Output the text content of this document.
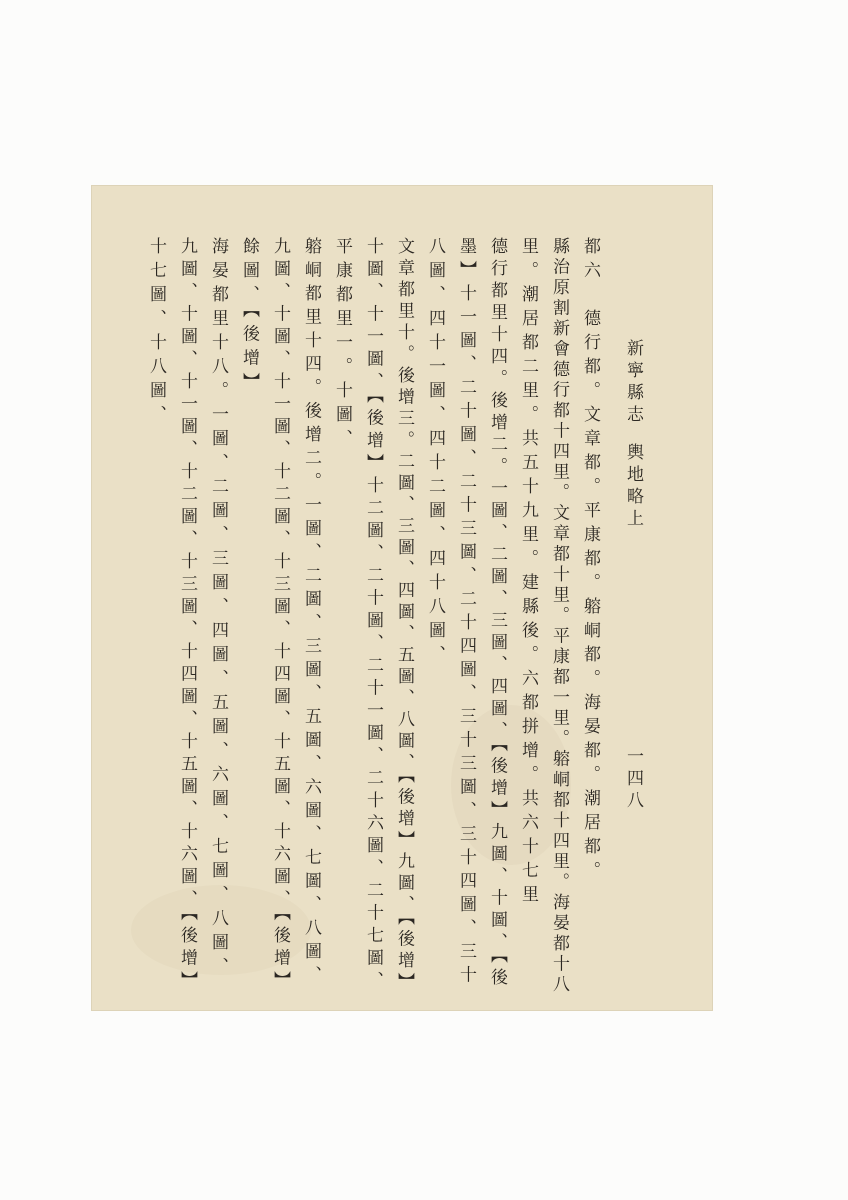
新寧縣志
輿地略上
一四八
都六　德行都。文章都。平康都。𨉷峒都。海晏都。潮居都。
縣治原割新會德行都十四里。文章都十里。平康都一里。𨉷峒都十四里。海晏都十八
里。潮居都二里。共五十九里。建縣後。六都拼增。共六十七里
德行都里十四。後增二。一圖、二圖、三圖、四圖、【後增】九圖、十圖、【後
墨】十一圖、二十圖、二十三圖、二十四圖、三十三圖、三十四圖、三十
八圖、四十一圖、四十二圖、四十八圖、
文章都里十。後增三。二圖、三圖、四圖、五圖、八圖、【後增】九圖、【後增】
十圖、十一圖、【後增】十二圖、二十圖、二十一圖、二十六圖、二十七圖、
平康都里一。十圖、
𨉷峒都里十四。後增二。一圖、二圖、三圖、五圖、六圖、七圖、八圖、
九圖、十圖、十一圖、十二圖、十三圖、十四圖、十五圖、十六圖、【後增】
餘圖、【後增】
海晏都里十八。一圖、二圖、三圖、四圖、五圖、六圖、七圖、八圖、
九圖、十圖、十一圖、十二圖、十三圖、十四圖、十五圖、十六圖、【後增】
十七圖、十八圖、
